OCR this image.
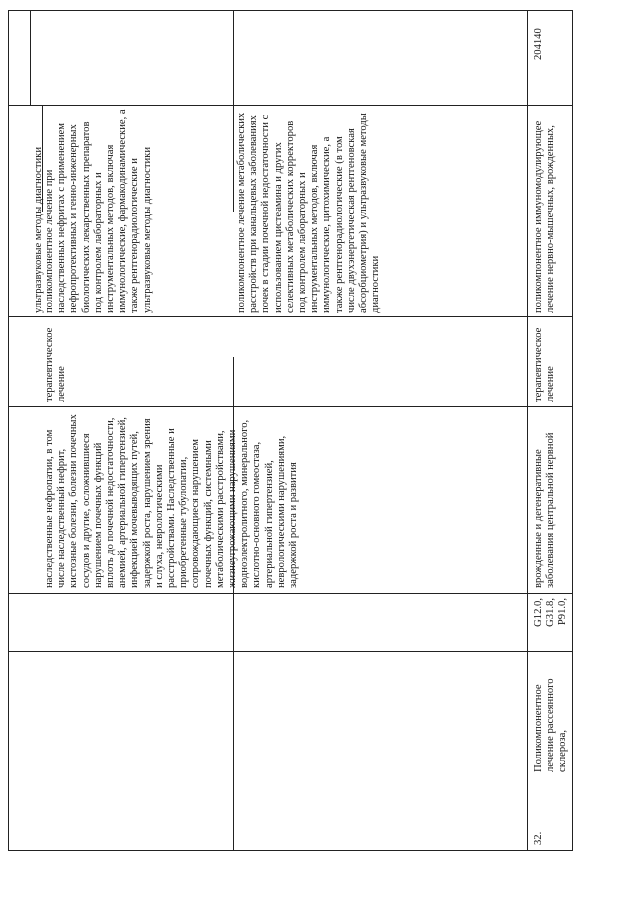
наследственные нефропатии, в том числе наследственный нефрит, кистозные болезни, болезни почечных сосудов и другие, осложнившиеся нарушением почечных функций вплоть до почечной недостаточности, анемией, артериальной гипертензией, инфекцией мочевыводящих путей, задержкой роста, нарушением зрения и слуха, неврологическими расстройствами. Наследственные и приобретенные тубулопатии, сопровождающиеся нарушением почечных функций, системными метаболическими расстройствами, жизнеугрожающими нарушениями водноэлектролитного, минерального, кислотно-основного гомеостаза, артериальной гипертензией, неврологическими нарушениями, задержкой роста и развития
терапевтическое лечение
ультразвуковые методы диагностики поликомпонентное лечение при наследственных нефритах с применением нефропротективных и генно-инженерных биологических лекарственных препаратов под контролем лабораторных и инструментальных методов, включая иммунологические, фармакодинамические, а также рентгенорадиологические и ультразвуковые методы диагностики	поликомпонентное лечение метаболических расстройств при канальцевых заболеваниях почек в стадии почечной недостаточности с использованием цистеамина и других селективных метаболических корректоров под контролем лабораторных и инструментальных методов, включая иммунологические, цитохимические, а также рентгенорадиологические (в том числе двухэнергетическая рентгеновская абсорбциометрия) и ультразвуковые методы диагностики
32.
Поликомпонентное лечение рассеянного склероза,
G12.0,
G31.8,
P91.0,
врожденные и дегенеративные заболевания центральной нервной
терапевтическое лечение
поликомпонентное иммуномодулирующее лечение нервно-мышечных, врожденных,
204140
